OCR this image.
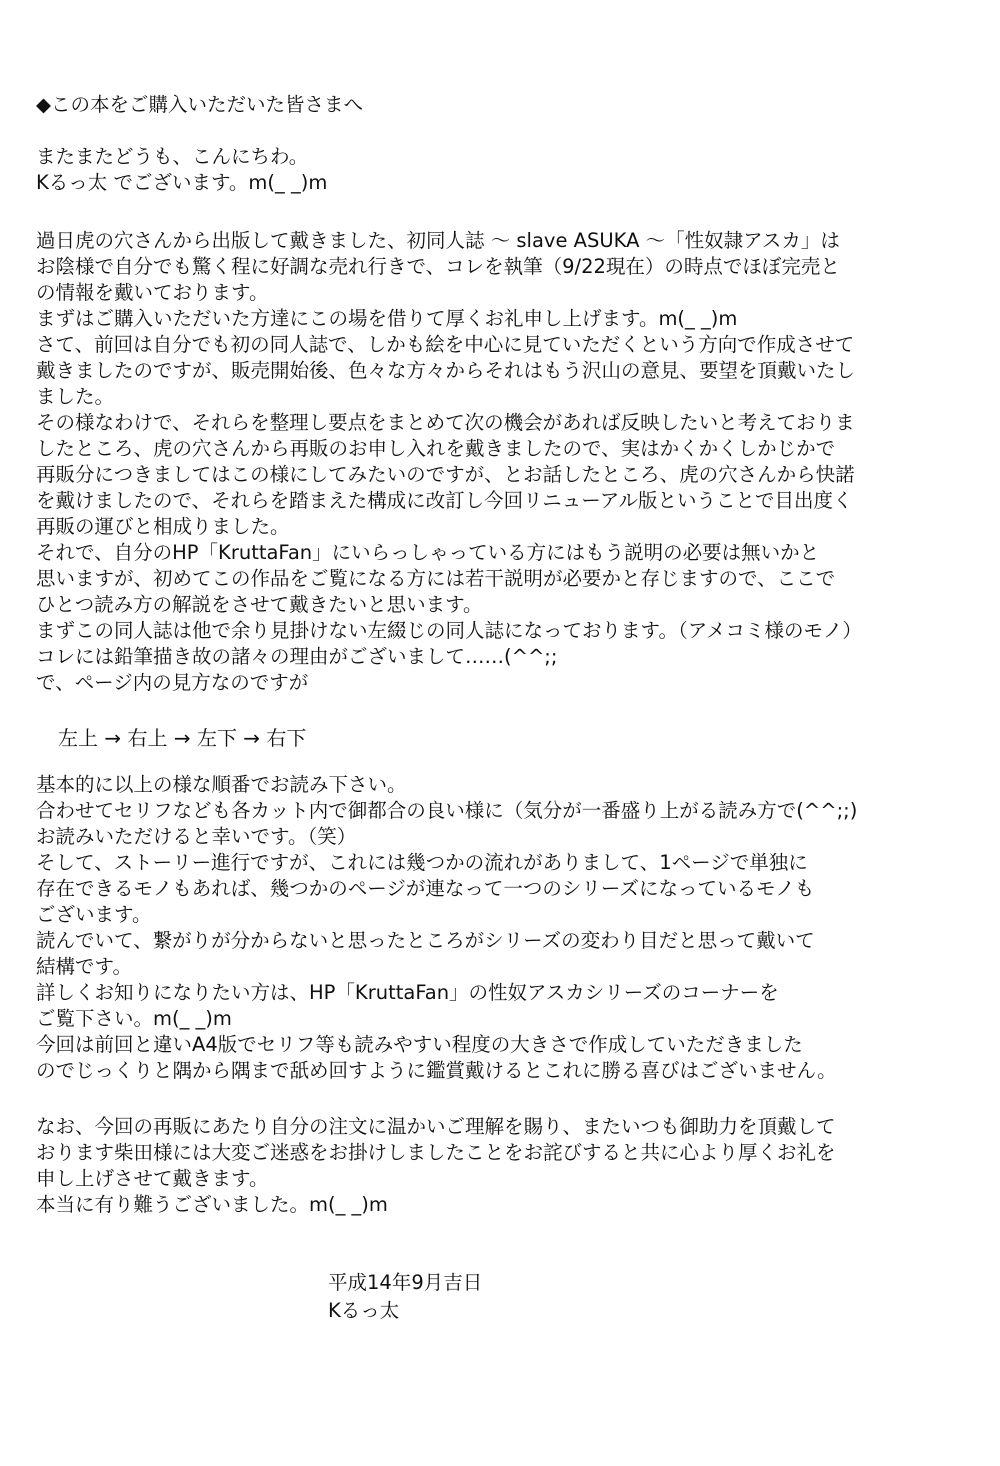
◆この本をご購入いただいた皆さまへ
またまたどうも、こんにちわ。
Kるっ太 でございます。m(_ _)m
過日虎の穴さんから出版して戴きました、初同人誌 ～ slave ASUKA ～「性奴隷アスカ」は
お陰様で自分でも驚く程に好調な売れ行きで、コレを執筆（9/22現在）の時点でほぼ完売と
の情報を戴いております。
まずはご購入いただいた方達にこの場を借りて厚くお礼申し上げます。m(_ _)m
さて、前回は自分でも初の同人誌で、しかも絵を中心に見ていただくという方向で作成させて
戴きましたのですが、販売開始後、色々な方々からそれはもう沢山の意見、要望を頂戴いたし
ました。
その様なわけで、それらを整理し要点をまとめて次の機会があれば反映したいと考えておりま
したところ、虎の穴さんから再販のお申し入れを戴きましたので、実はかくかくしかじかで
再販分につきましてはこの様にしてみたいのですが、とお話したところ、虎の穴さんから快諾
を戴けましたので、それらを踏まえた構成に改訂し今回リニューアル版ということで目出度く
再販の運びと相成りました。
それで、自分のHP「KruttaFan」にいらっしゃっている方にはもう説明の必要は無いかと
思いますが、初めてこの作品をご覧になる方には若干説明が必要かと存じますので、ここで
ひとつ読み方の解説をさせて戴きたいと思います。
まずこの同人誌は他で余り見掛けない左綴じの同人誌になっております。（アメコミ様のモノ）
コレには鉛筆描き故の諸々の理由がございまして……(^^;;
で、ページ内の見方なのですが
左上 → 右上 → 左下 → 右下
基本的に以上の様な順番でお読み下さい。
合わせてセリフなども各カット内で御都合の良い様に（気分が一番盛り上がる読み方で(^^;;)
お読みいただけると幸いです。（笑）
そして、ストーリー進行ですが、これには幾つかの流れがありまして、1ページで単独に
存在できるモノもあれば、幾つかのページが連なって一つのシリーズになっているモノも
ございます。
読んでいて、繋がりが分からないと思ったところがシリーズの変わり目だと思って戴いて
結構です。
詳しくお知りになりたい方は、HP「KruttaFan」の性奴アスカシリーズのコーナーを
ご覧下さい。m(_ _)m
今回は前回と違いA4版でセリフ等も読みやすい程度の大きさで作成していただきました
のでじっくりと隅から隅まで舐め回すように鑑賞戴けるとこれに勝る喜びはございません。
なお、今回の再販にあたり自分の注文に温かいご理解を賜り、またいつも御助力を頂戴して
おります柴田様には大変ご迷惑をお掛けしましたことをお詫びすると共に心より厚くお礼を
申し上げさせて戴きます。
本当に有り難うございました。m(_ _)m
平成14年9月吉日
Kるっ太
